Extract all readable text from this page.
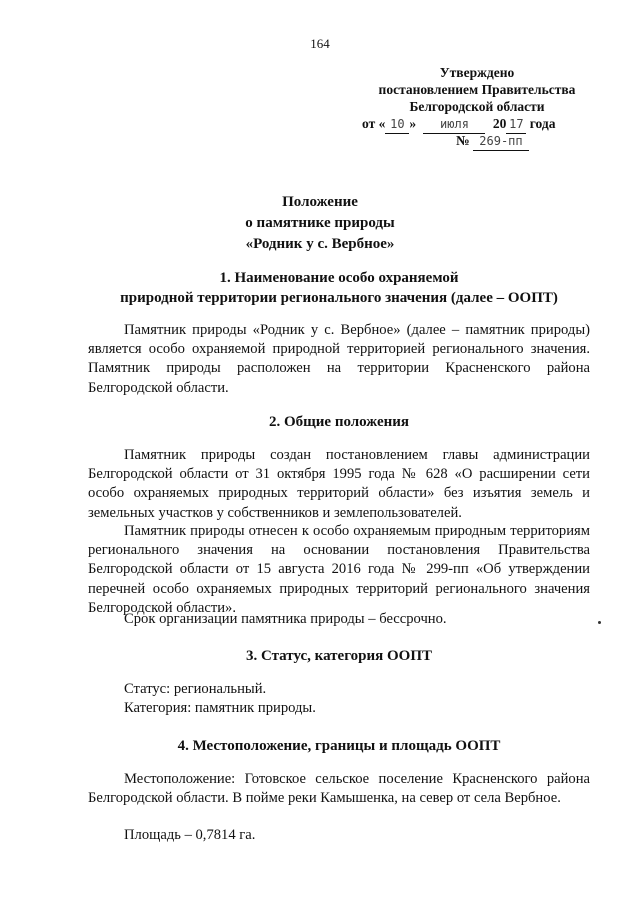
164
Утверждено
постановлением Правительства
Белгородской области
от « 10 » июля 20 17 года
№ 269-пп
Положение
о памятнике природы
«Родник у с. Вербное»
1. Наименование особо охраняемой
природной территории регионального значения (далее – ООПТ)

Памятник природы «Родник у с. Вербное» (далее – памятник природы) является особо охраняемой природной территорией регионального значения. Памятник природы расположен на территории Красненского района Белгородской области.

2. Общие положения

Памятник природы создан постановлением главы администрации Белгородской области от 31 октября 1995 года № 628 «О расширении сети особо охраняемых природных территорий области» без изъятия земель и земельных участков у собственников и землепользователей.

Памятник природы отнесен к особо охраняемым природным территориям регионального значения на основании постановления Правительства Белгородской области от 15 августа 2016 года № 299-пп «Об утверждении перечней особо охраняемых природных территорий регионального значения Белгородской области».

Срок организации памятника природы – бессрочно.

3. Статус, категория ООПТ

Статус: региональный.

Категория: памятник природы.

4. Местоположение, границы и площадь ООПТ

Местоположение: Готовское сельское поселение Красненского района Белгородской области. В пойме реки Камышенка, на север от села Вербное.

Площадь – 0,7814 га.
